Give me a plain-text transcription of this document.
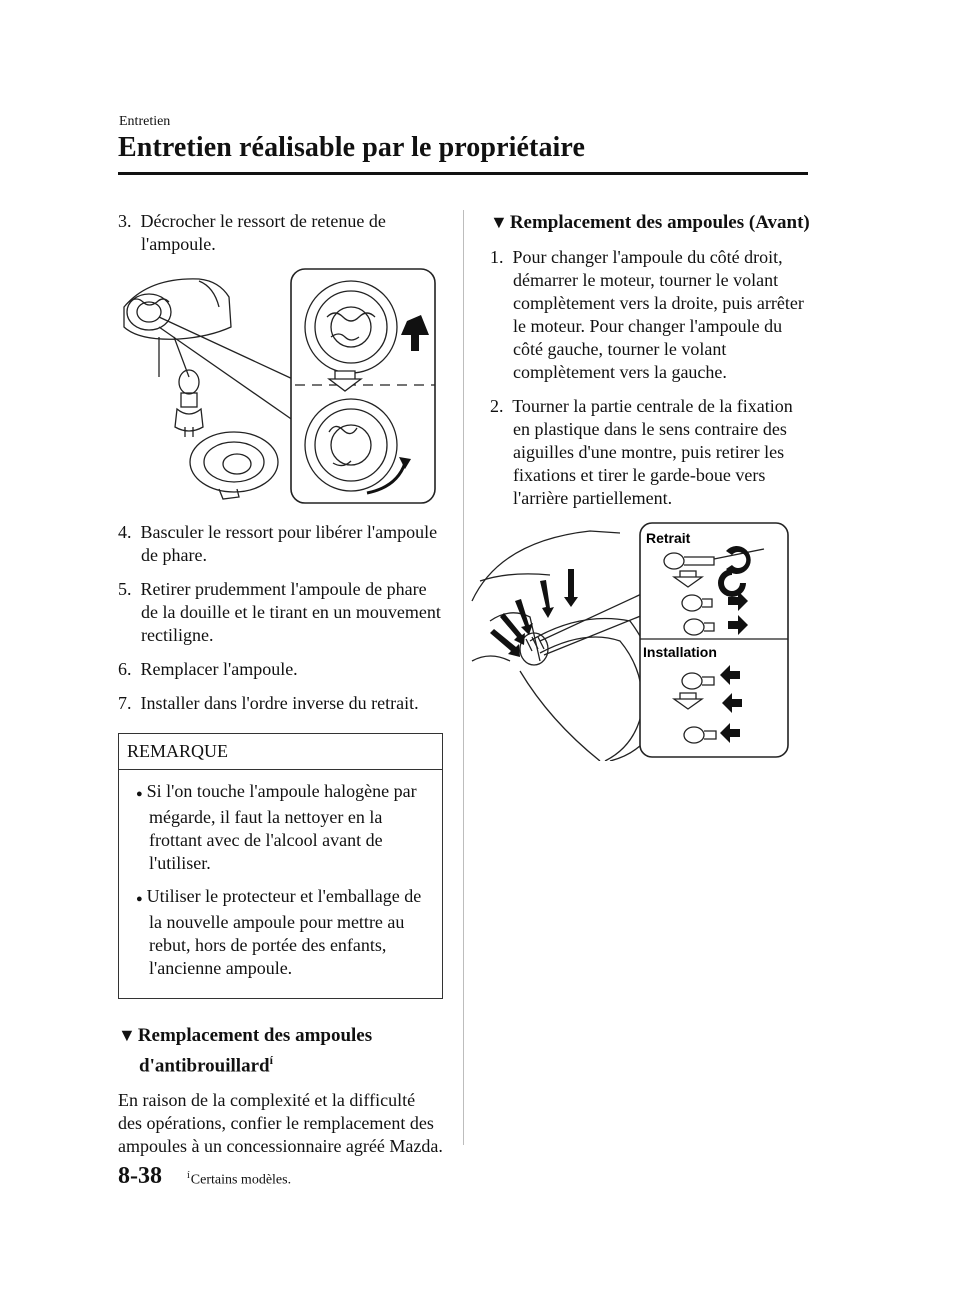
Entretien
Entretien réalisable par le propriétaire

3. Décrocher le ressort de retenue de l'ampoule.

4. Basculer le ressort pour libérer l'ampoule de phare.

5. Retirer prudemment l'ampoule de phare de la douille et le tirant en un mouvement rectiligne.

6. Remplacer l'ampoule.

7. Installer dans l'ordre inverse du retrait.

REMARQUE

● Si l'on touche l'ampoule halogène par mégarde, il faut la nettoyer en la frottant avec de l'alcool avant de l'utiliser.

● Utiliser le protecteur et l'emballage de la nouvelle ampoule pour mettre au rebut, hors de portée des enfants, l'ancienne ampoule.

▼ Remplacement des ampoules
d'antibrouillard$^í$

En raison de la complexité et la difficulté des opérations, confier le remplacement des ampoules à un concessionnaire agréé Mazda.

▼ Remplacement des ampoules (Avant)

1. Pour changer l'ampoule du côté droit, démarrer le moteur, tourner le volant complètement vers la droite, puis arrêter le moteur. Pour changer l'ampoule du côté gauche, tourner le volant complètement vers la gauche.

2. Tourner la partie centrale de la fixation en plastique dans le sens contraire des aiguilles d'une montre, puis retirer les fixations et tirer le garde-boue vers l'arrière partiellement.

Retrait
Installation
8-38	$^í$Certains modèles.
